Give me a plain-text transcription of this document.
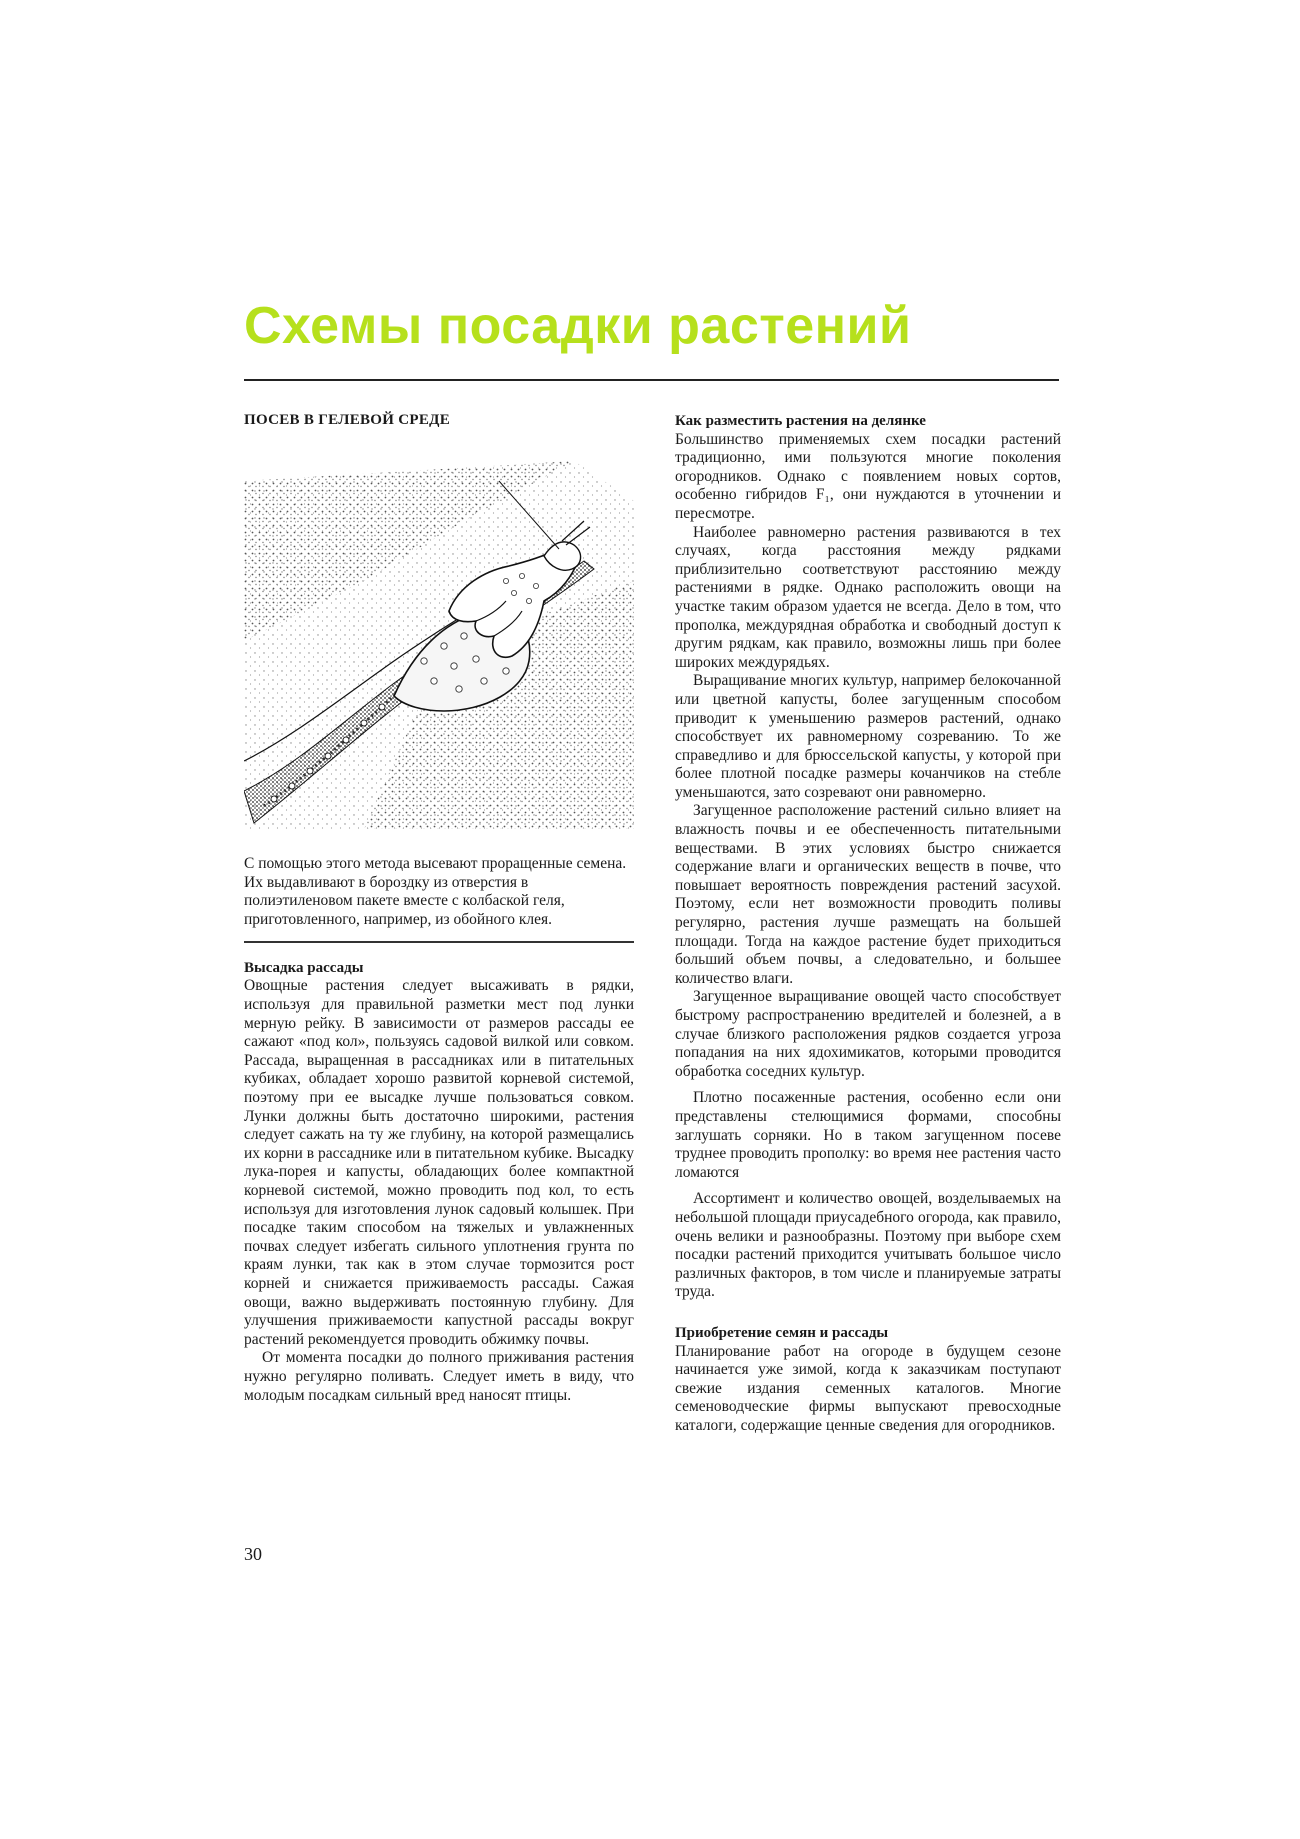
Схемы посадки растений
ПОСЕВ В ГЕЛЕВОЙ СРЕДЕ

С помощью этого метода высевают проращенные семена. Их выдавливают в бороздку из отверстия в полиэтиленовом пакете вместе с колбаской геля, приготовленного, например, из обойного клея.

Высадка рассады

Овощные растения следует высаживать в рядки, используя для правильной разметки мест под лунки мерную рейку. В зависимости от размеров рассады ее сажают «под кол», пользуясь садовой вилкой или совком. Рассада, выращенная в рассадниках или в питательных кубиках, обладает хорошо развитой корневой системой, поэтому при ее высадке лучше пользоваться совком. Лунки должны быть достаточно широкими, растения следует сажать на ту же глубину, на которой размещались их корни в рассаднике или в питательном кубике. Высадку лука-порея и капусты, обладающих более компактной корневой системой, можно проводить под кол, то есть используя для изготовления лунок садовый колышек. При посадке таким способом на тяжелых и увлажненных почвах следует избегать сильного уплотнения грунта по краям лунки, так как в этом случае тормозится рост корней и снижается приживаемость рассады. Сажая овощи, важно выдерживать постоянную глубину. Для улучшения приживаемости капустной рассады вокруг растений рекомендуется проводить обжимку почвы.

От момента посадки до полного приживания растения нужно регулярно поливать. Следует иметь в виду, что молодым посадкам сильный вред наносят птицы.

Как разместить растения на делянке

Большинство применяемых схем посадки растений традиционно, ими пользуются многие поколения огородников. Однако с появлением новых сортов, особенно гибридов F₁, они нуждаются в уточнении и пересмотре.

Наиболее равномерно растения развиваются в тех случаях, когда расстояния между рядками приблизительно соответствуют расстоянию между растениями в рядке. Однако расположить овощи на участке таким образом удается не всегда. Дело в том, что прополка, междурядная обработка и свободный доступ к другим рядкам, как правило, возможны лишь при более широких междурядьях.

Выращивание многих культур, например белокочанной или цветной капусты, более загущенным способом приводит к уменьшению размеров растений, однако способствует их равномерному созреванию. То же справедливо и для брюссельской капусты, у которой при более плотной посадке размеры кочанчиков на стебле уменьшаются, зато созревают они равномерно.

Загущенное расположение растений сильно влияет на влажность почвы и ее обеспеченность питательными веществами. В этих условиях быстро снижается содержание влаги и органических веществ в почве, что повышает вероятность повреждения растений засухой. Поэтому, если нет возможности проводить поливы регулярно, растения лучше размещать на большей площади. Тогда на каждое растение будет приходиться больший объем почвы, а следовательно, и большее количество влаги.

Загущенное выращивание овощей часто способствует быстрому распространению вредителей и болезней, а в случае близкого расположения рядков создается угроза попадания на них ядохимикатов, которыми проводится обработка соседних культур.

Плотно посаженные растения, особенно если они представлены стелющимися формами, способны заглушать сорняки. Но в таком загущенном посеве труднее проводить прополку: во время нее растения часто ломаются

Ассортимент и количество овощей, возделываемых на небольшой площади приусадебного огорода, как правило, очень велики и разнообразны. Поэтому при выборе схем посадки растений приходится учитывать большое число различных факторов, в том числе и планируемые затраты труда.

Приобретение семян и рассады

Планирование работ на огороде в будущем сезоне начинается уже зимой, когда к заказчикам поступают свежие издания семенных каталогов. Многие семеноводческие фирмы выпускают превосходные каталоги, содержащие ценные сведения для огородников.

30
